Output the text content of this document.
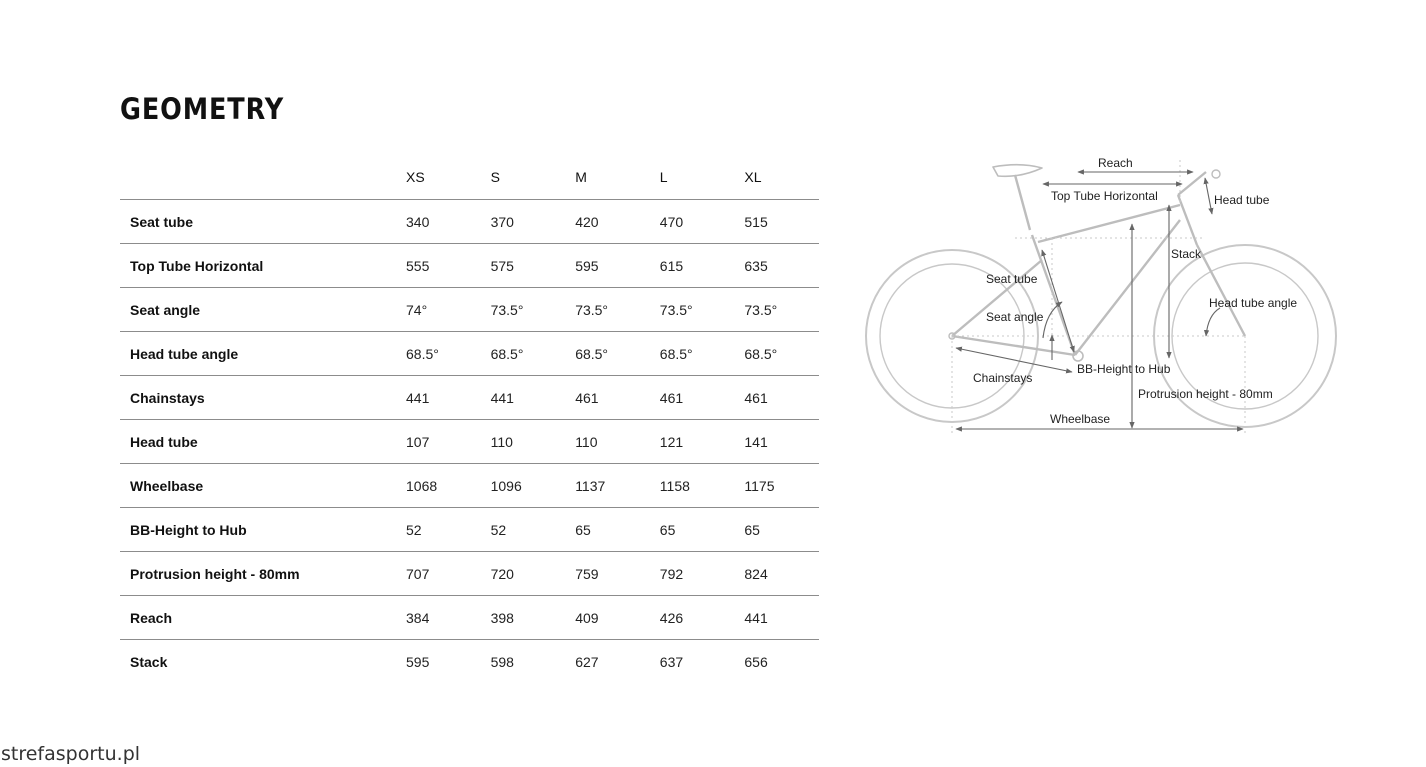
GEOMETRY
	XS	S	M	L	XL
Seat tube	340	370	420	470	515
Top Tube Horizontal	555	575	595	615	635
Seat angle	74°	73.5°	73.5°	73.5°	73.5°
Head tube angle	68.5°	68.5°	68.5°	68.5°	68.5°
Chainstays	441	441	461	461	461
Head tube	107	110	110	121	141
Wheelbase	1068	1096	1137	1158	1175
BB-Height to Hub	52	52	65	65	65
Protrusion height - 80mm	707	720	759	792	824
Reach	384	398	409	426	441
Stack	595	598	627	637	656
Reach
Top Tube Horizontal	Head tube
Stack
Seat tube
Head tube angle
Seat angle
Chainstays
BB-Height to Hub
Protrusion height - 80mm
Wheelbase
strefasportu.pl
